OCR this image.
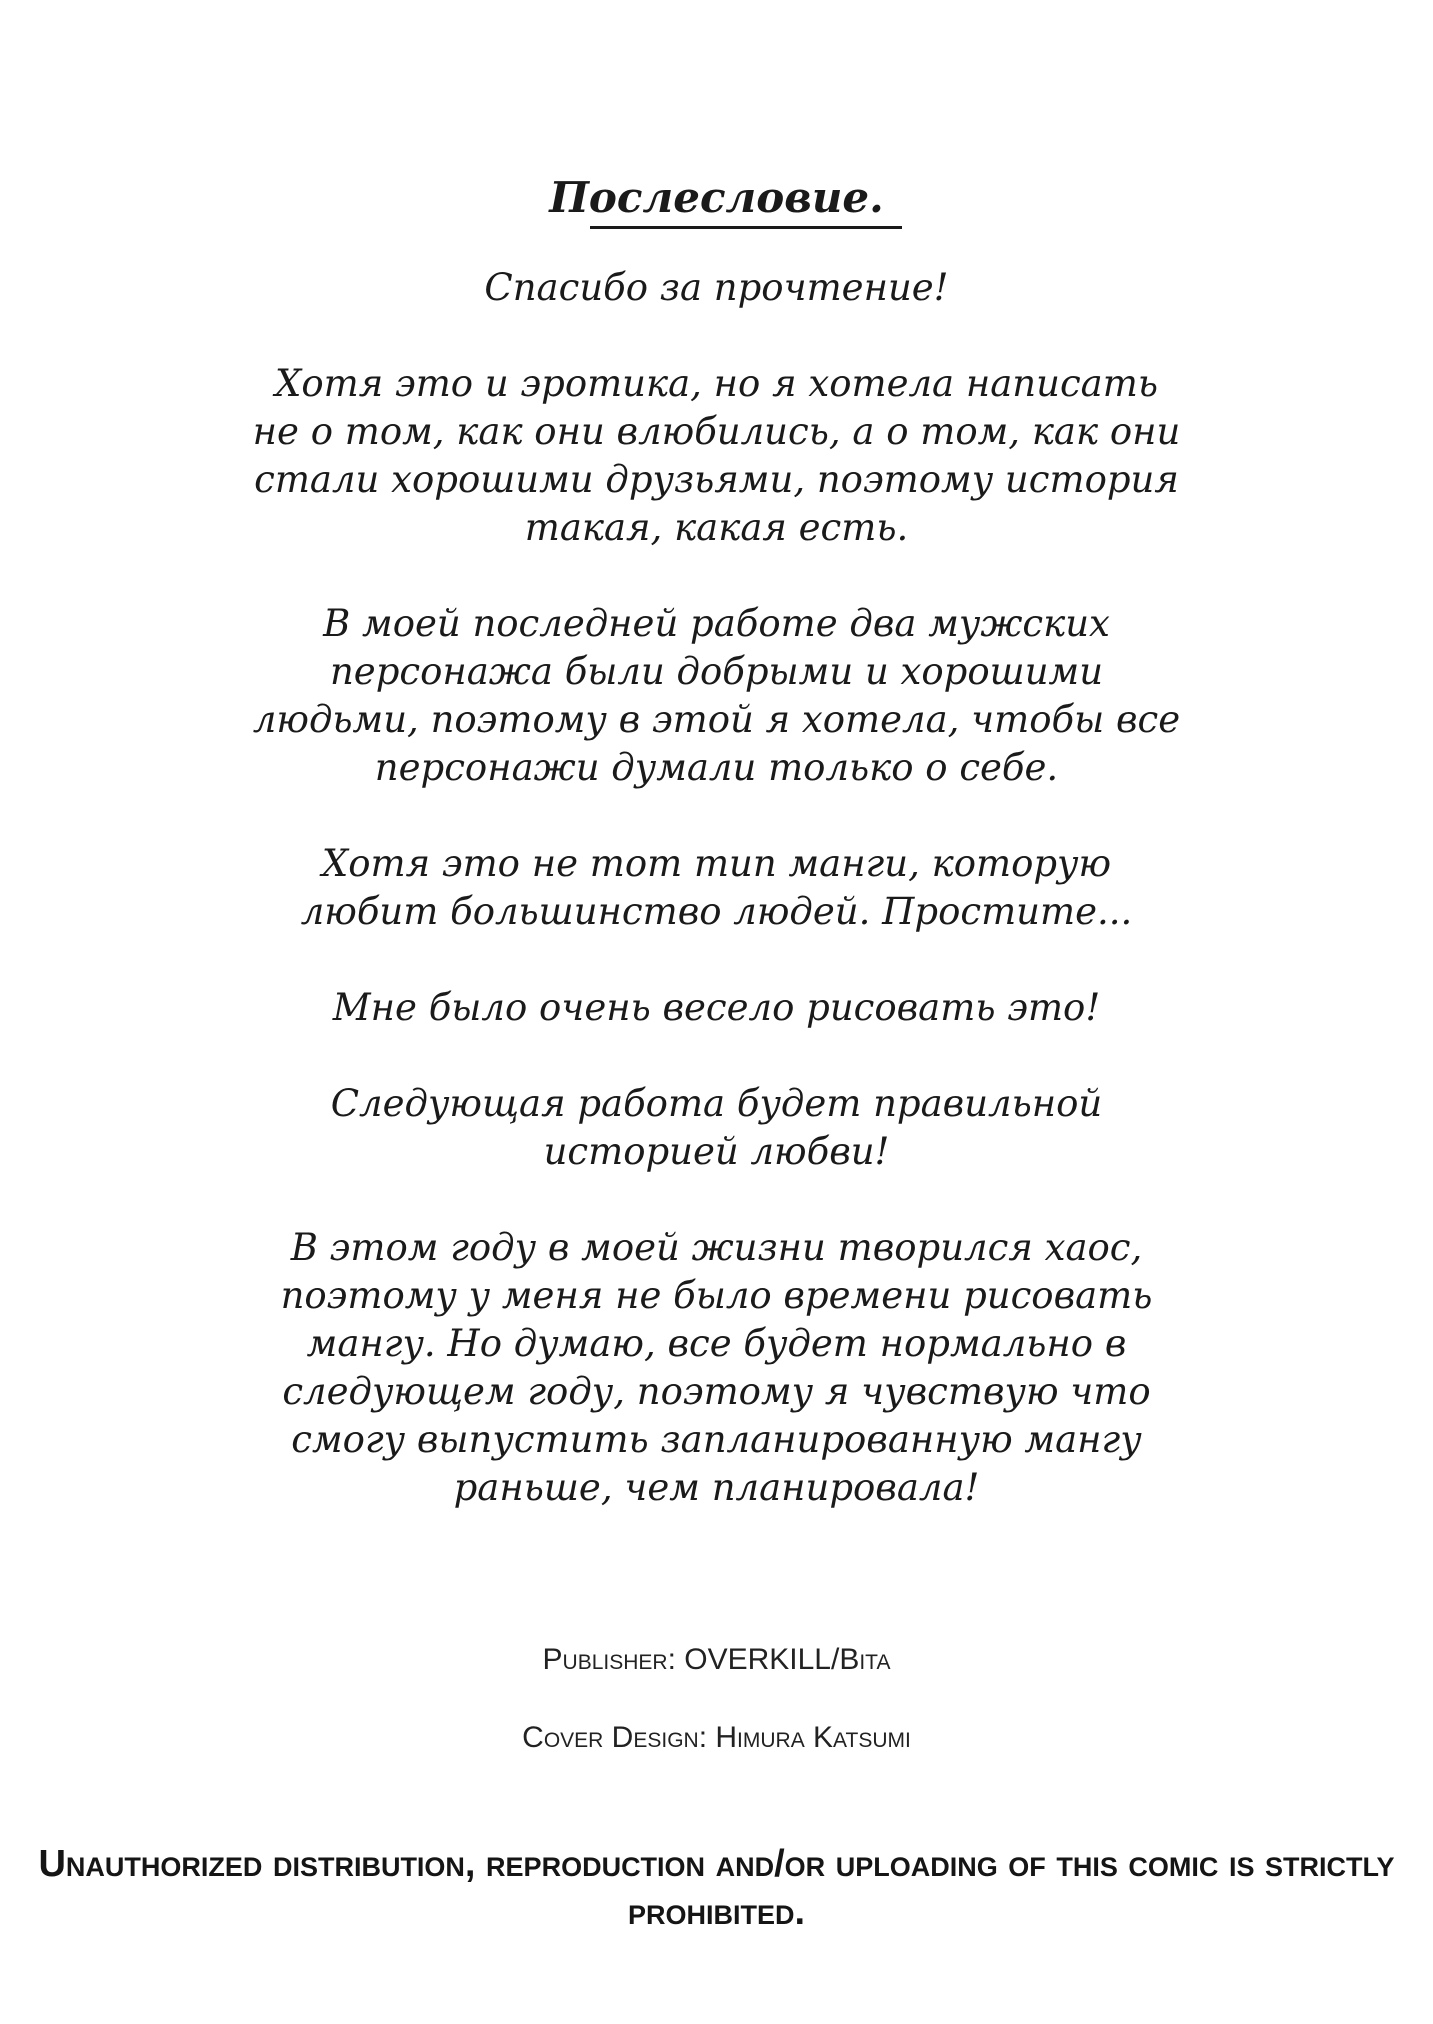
Послесловие.

Спасибо за прочтение!

Хотя это и эротика, но я хотела написать не о том, как они влюбились, а о том, как они стали хорошими друзьями, поэтому история такая, какая есть.

В моей последней работе два мужских персонажа были добрыми и хорошими людьми, поэтому в этой я хотела, чтобы все персонажи думали только о себе.

Хотя это не тот тип манги, которую любит большинство людей. Простите...

Мне было очень весело рисовать это!

Следующая работа будет правильной историей любви!

В этом году в моей жизни творился хаос, поэтому у меня не было времени рисовать мангу. Но думаю, все будет нормально в следующем году, поэтому я чувствую что смогу выпустить запланированную мангу раньше, чем планировала!

Publisher: OVERKILL/Bita
Cover Design: Himura Katsumi
Unauthorized distribution, reproduction and/or uploading of this comic is strictly prohibited.
